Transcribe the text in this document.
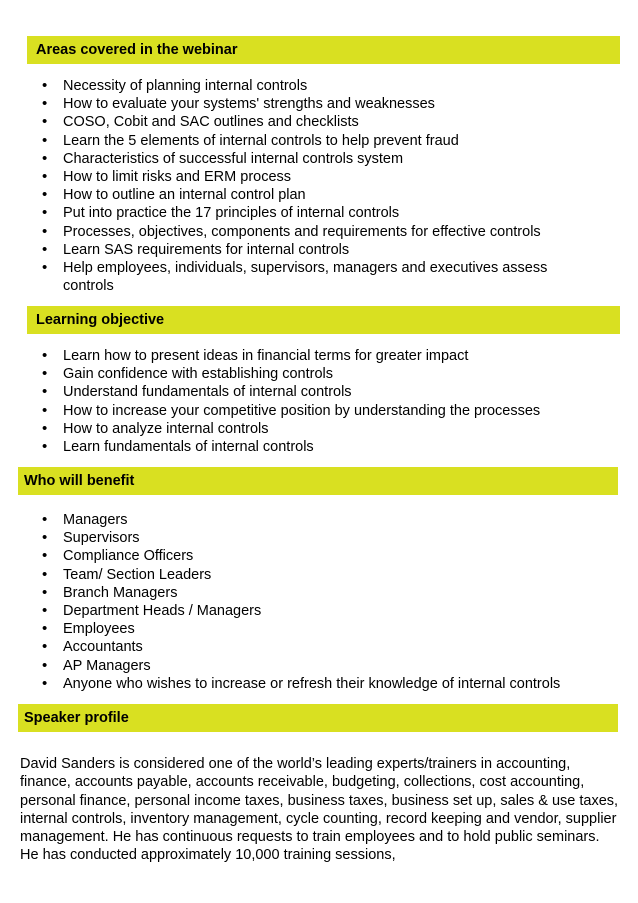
Areas covered in the webinar
• Necessity of planning internal controls
• How to evaluate your systems' strengths and weaknesses
• COSO, Cobit and SAC outlines and checklists
• Learn the 5 elements of internal controls to help prevent fraud
• Characteristics of successful internal controls system
• How to limit risks and ERM process
• How to outline an internal control plan
• Put into practice the 17 principles of internal controls
• Processes, objectives, components and requirements for effective controls
• Learn SAS requirements for internal controls
• Help employees, individuals, supervisors, managers and executives assess controls
Learning objective
• Learn how to present ideas in financial terms for greater impact
• Gain confidence with establishing controls
• Understand fundamentals of internal controls
• How to increase your competitive position by understanding the processes
• How to analyze internal controls
• Learn fundamentals of internal controls
Who will benefit
• Managers
• Supervisors
• Compliance Officers
• Team/ Section Leaders
• Branch Managers
• Department Heads / Managers
• Employees
• Accountants
• AP Managers
• Anyone who wishes to increase or refresh their knowledge of internal controls
Speaker profile
David Sanders is considered one of the world’s leading experts/trainers in accounting, finance, accounts payable, accounts receivable, budgeting, collections, cost accounting, personal finance, personal income taxes, business taxes, business set up, sales & use taxes, internal controls, inventory management, cycle counting, record keeping and vendor, supplier management. He has continuous requests to train employees and to hold public seminars. He has conducted approximately 10,000 training sessions,
